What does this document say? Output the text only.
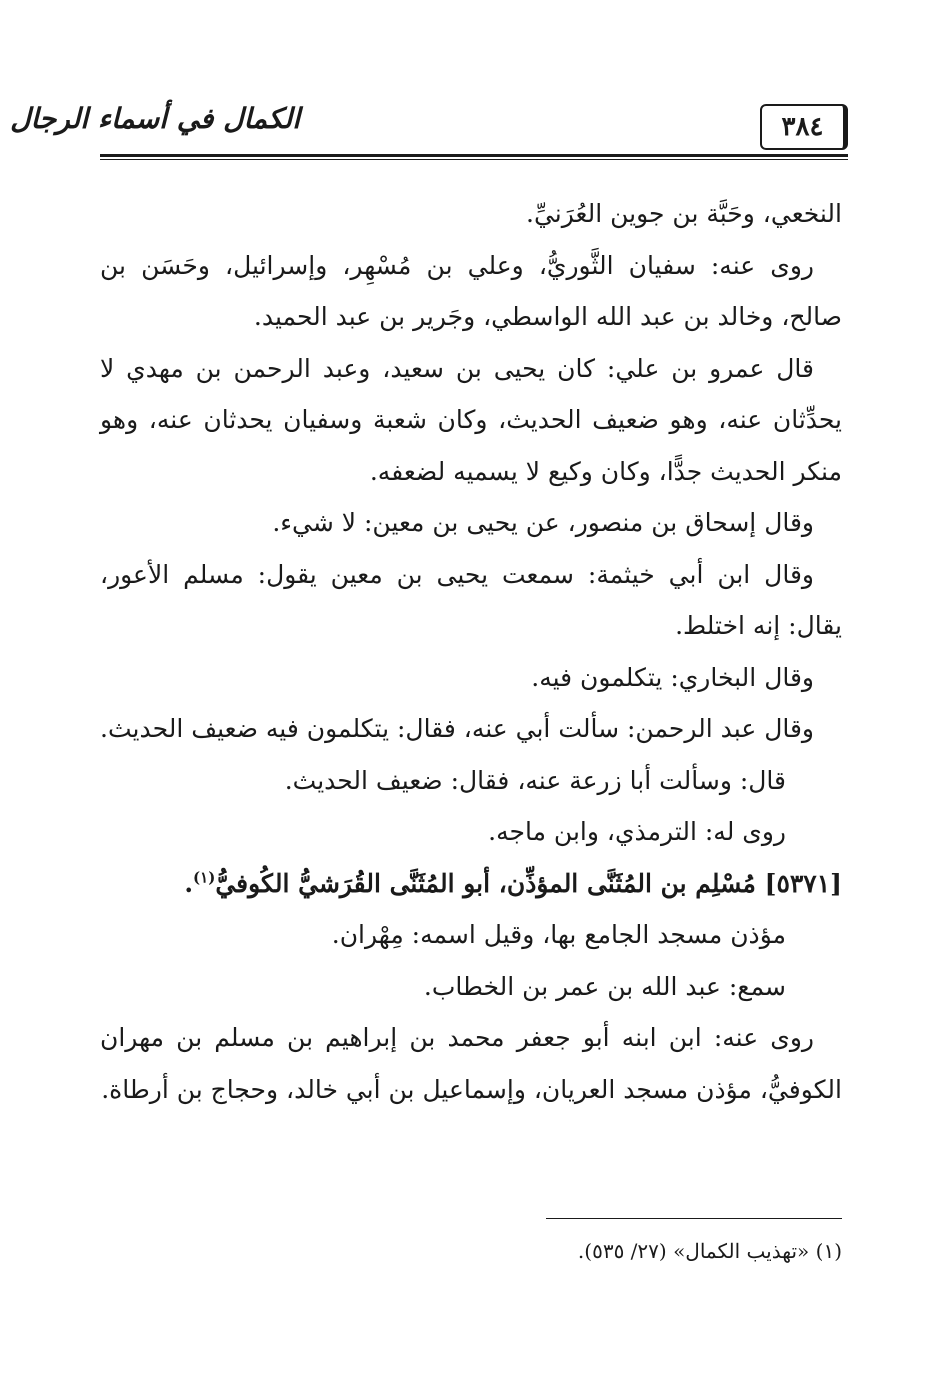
٣٨٤
الكمال في أسماء الرجال

النخعي، وحَبَّة بن جوين العُرَنيِّ.

روى عنه: سفيان الثَّوريُّ، وعلي بن مُسْهِر، وإسرائيل، وحَسَن بن صالح، وخالد بن عبد الله الواسطي، وجَرير بن عبد الحميد.

قال عمرو بن علي: كان يحيى بن سعيد، وعبد الرحمن بن مهدي لا يحدِّثان عنه، وهو ضعيف الحديث، وكان شعبة وسفيان يحدثان عنه، وهو منكر الحديث جدًّا، وكان وكيع لا يسميه لضعفه.

وقال إسحاق بن منصور، عن يحيى بن معين: لا شيء.

وقال ابن أبي خيثمة: سمعت يحيى بن معين يقول: مسلم الأعور، يقال: إنه اختلط.

وقال البخاري: يتكلمون فيه.

وقال عبد الرحمن: سألت أبي عنه، فقال: يتكلمون فيه ضعيف الحديث.

قال: وسألت أبا زرعة عنه، فقال: ضعيف الحديث.

روى له: الترمذي، وابن ماجه.

[٥٣٧١] مُسْلِم بن المُثَنَّى المؤذِّن، أبو المُثَنَّى القُرَشيُّ الكُوفيُّ$^{(١)}$.

مؤذن مسجد الجامع بها، وقيل اسمه: مِهْران.

سمع: عبد الله بن عمر بن الخطاب.

روى عنه: ابن ابنه أبو جعفر محمد بن إبراهيم بن مسلم بن مهران الكوفيُّ، مؤذن مسجد العريان، وإسماعيل بن أبي خالد، وحجاج بن أرطاة.

(١) «تهذيب الكمال» (٢٧/ ٥٣٥).
